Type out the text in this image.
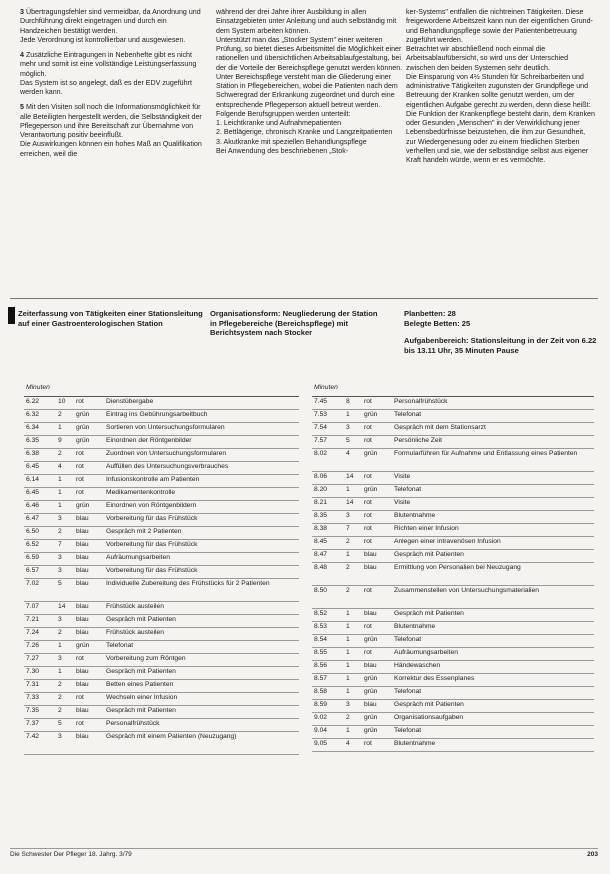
3 Übertragungsfehler sind vermeidbar, da Anordnung und Durchführung direkt eingetragen und durch ein Handzeichen bestätigt werden.

Jede Verordnung ist kontrollierbar und ausgewiesen.

4 Zusätzliche Eintragungen in Nebenhefte gibt es nicht mehr und somit ist eine vollständige Leistungserfassung möglich.

Das System ist so angelegt, daß es der EDV zugeführt werden kann.

5 Mit den Visiten soll noch die Informationsmöglichkeit für alle Beteiligten hergestellt werden, die Selbständigkeit der Pflegeperson und ihre Bereitschaft zur Übernahme von Verantwortung positiv beeinflußt.

Die Auswirkungen können ein hohes Maß an Qualifikation erreichen, weil die

während der drei Jahre ihrer Ausbildung in allen Einsatzgebieten unter Anleitung und auch selbständig mit dem System arbeiten können.

Unterstützt man das „Stocker System" einer weiteren Prüfung, so bietet dieses Arbeitsmittel die Möglichkeit einer rationellen und übersichtlichen Arbeitsablaufgestaltung, bei der die Vorteile der Bereichspflege genutzt werden können.

Unter Bereichspflege versteht man die Gliederung einer Station in Pflegebereichen, wobei die Patienten nach dem Schweregrad der Erkrankung zugeordnet und durch eine entsprechende Pflegeperson aktuell betreut werden.

Folgende Berufsgruppen werden unterteilt:

1. Leichtkranke und Aufnahmepatienten

2. Bettlägerige, chronisch Kranke und Langzeitpatienten

3. Akutkranke mit speziellen Behandlungspflege

Bei Anwendung des beschriebenen „Stok-

ker-Systems" entfallen die nichtreinen Tätigkeiten. Diese freigewordene Arbeitszeit kann nun der eigentlichen Grund- und Behandlungspflege sowie der Patientenbetreuung zugeführt werden.

Betrachtet wir abschließend noch einmal die Arbeitsablaufübersicht, so wird uns der Unterschied zwischen den beiden Systemen sehr deutlich.

Die Einsparung von 4½ Stunden für Schreibarbeiten und administrative Tätigkeiten zugunsten der Grundpflege und Betreuung der Kranken sollte genutzt werden, um der eigentlichen Aufgabe gerecht zu werden, denn diese heißt:

Die Funktion der Krankenpflege besteht darin, dem Kranken oder Gesunden „Menschen" in der Verwirklichung jener Lebensbedürfnisse beizustehen, die ihm zur Gesundheit, zur Wiedergenesung oder zu einem friedlichen Sterben verhelfen und sie, wie der selbständige selbst aus eigener Kraft handeln würde, wenn er es vermöchte.

Zeiterfassung von Tätigkeiten einer Stationsleitung auf einer Gastroenterologischen Station
Organisationsform: Neugliederung der Station in Pflegebereiche (Bereichspflege) mit Berichtsystem nach Stocker
Planbetten: 28
Belegte Betten: 25
Aufgabenbereich: Stationsleitung in der Zeit von 6.22 bis 13.11 Uhr, 35 Minuten Pause
Minuten			
6.22	10	rot	Dienstübergabe
6.32	2	grün	Eintrag ins Gebührungsarbeitbuch
6.34	1	grün	Sortieren von Untersuchungsformularen
6.35	9	grün	Einordnen der Röntgenbilder
6.38	2	rot	Zuordnen von Untersuchungsformularen
6.45	4	rot	Auffüllen des Untersuchungsverbrauches
6.14	1	rot	Infusionskontrolle am Patienten
6.45	1	rot	Medikamentenkontrolle
6.46	1	grün	Einordnen von Röntgenbildern
6.47	3	blau	Vorbereitung für das Frühstück
6.50	2	blau	Gespräch mit 2 Patienten
6.52	7	blau	Vorbereitung für das Frühstück
6.59	3	blau	Aufräumungsarbeiten
6.57	3	blau	Vorbereitung für das Frühstück
7.02	5	blau	Individuelle Zubereitung des Frühstücks für 2 Patienten
7.07	14	blau	Frühstück austeilen
7.21	3	blau	Gespräch mit Patienten
7.24	2	blau	Frühstück austeilen
7.26	1	grün	Telefonat
7.27	3	rot	Vorbereitung zum Röntgen
7.30	1	blau	Gespräch mit Patienten
7.31	2	blau	Betten eines Patienten
7.33	2	rot	Wechseln einer Infusion
7.35	2	blau	Gespräch mit Patienten
7.37	5	rot	Personalfrühstück
7.42	3	blau	Gespräch mit einem Patienten (Neuzugang)
Minuten			
7.45	8	rot	Personalfrühstück
7.53	1	grün	Telefonat
7.54	3	rot	Gespräch mit dem Stationsarzt
7.57	5	rot	Persönliche Zeit
8.02	4	grün	Formularführen für Aufnahme und Entlassung eines Patienten
8.06	14	rot	Visite
8.20	1	grün	Telefonat
8.21	14	rot	Visite
8.35	3	rot	Blutentnahme
8.38	7	rot	Richten einer Infusion
8.45	2	rot	Anlegen einer intravenösen Infusion
8.47	1	blau	Gespräch mit Patienten
8.48	2	blau	Ermittlung von Personalien bei Neuzugang
8.50	2	rot	Zusammenstellen von Untersuchungsmaterialien
8.52	1	blau	Gespräch mit Patienten
8.53	1	rot	Blutentnahme
8.54	1	grün	Telefonat
8.55	1	rot	Aufräumungsarbeiten
8.56	1	blau	Händewaschen
8.57	1	grün	Korrektur des Essenplanes
8.58	1	grün	Telefonat
8.59	3	blau	Gespräch mit Patienten
9.02	2	grün	Organisationsaufgaben
9.04	1	grün	Telefonat
9.05	4	rot	Blutentnahme
Die Schwester Der Pfleger 18. Jahrg. 3/79	203
